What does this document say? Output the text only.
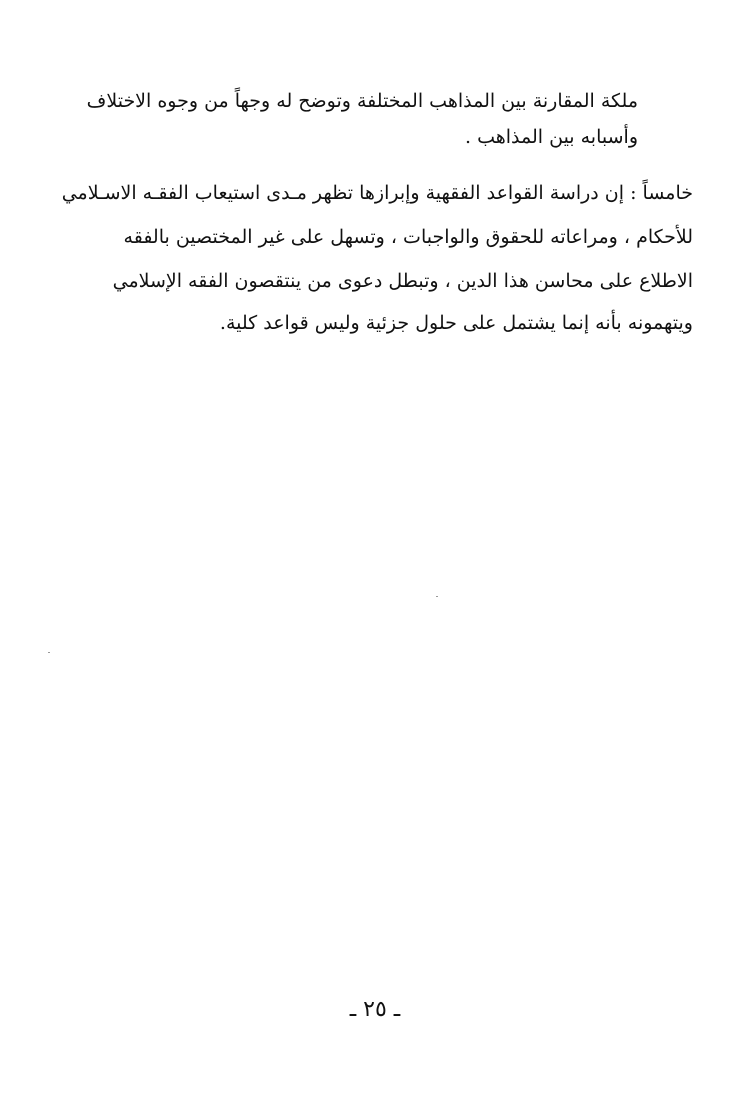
ملكة المقارنة بين المذاهب المختلفة وتوضح له وجهاً من وجوه الاختلاف
وأسبابه بين المذاهب .
خامساً : إن دراسة القواعد الفقهية وإبرازها تظهر مـدى استيعاب الفقـه الاسـلامي
للأحكام ، ومراعاته للحقوق والواجبات ، وتسهل على غير المختصين بالفقه
الاطلاع على محاسن هذا الدين ، وتبطل دعوى من ينتقصون الفقه الإسلامي
ويتهمونه بأنه إنما يشتمل على حلول جزئية وليس قواعد كلية.
ـ ٢٥ ـ
